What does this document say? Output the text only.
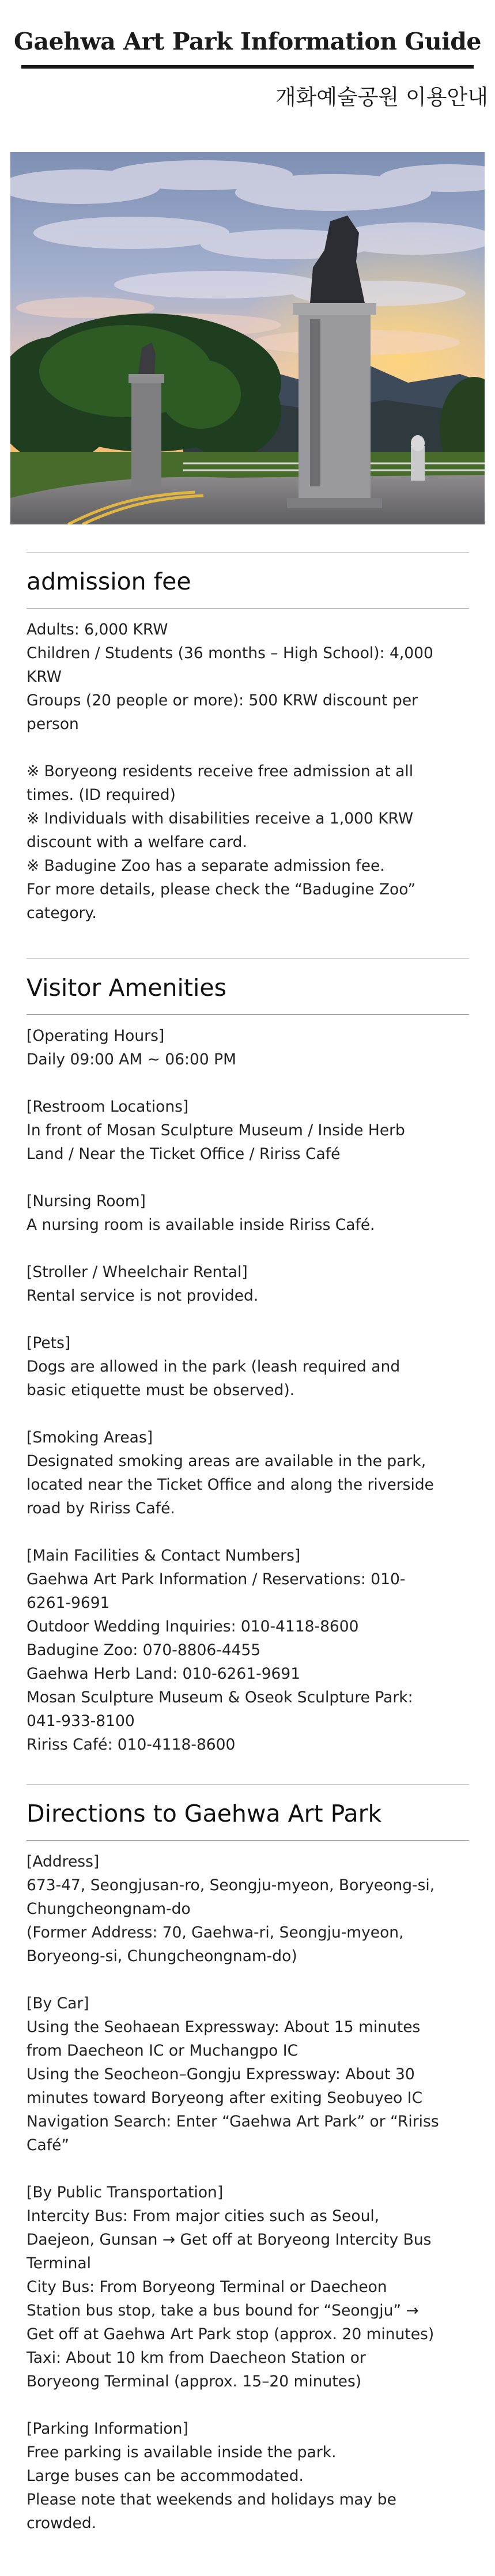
Gaehwa Art Park Information Guide
개화예술공원 이용안내
admission fee
Adults: 6,000 KRW
Children / Students (36 months – High School): 4,000
KRW
Groups (20 people or more): 500 KRW discount per
person
※ Boryeong residents receive free admission at all
times. (ID required)
※ Individuals with disabilities receive a 1,000 KRW
discount with a welfare card.
※ Badugine Zoo has a separate admission fee.
For more details, please check the “Badugine Zoo”
category.
Visitor Amenities
[Operating Hours]
Daily 09:00 AM ~ 06:00 PM
[Restroom Locations]
In front of Mosan Sculpture Museum / Inside Herb
Land / Near the Ticket Office / Ririss Café
[Nursing Room]
A nursing room is available inside Ririss Café.
[Stroller / Wheelchair Rental]
Rental service is not provided.
[Pets]
Dogs are allowed in the park (leash required and
basic etiquette must be observed).
[Smoking Areas]
Designated smoking areas are available in the park,
located near the Ticket Office and along the riverside
road by Ririss Café.
[Main Facilities & Contact Numbers]
Gaehwa Art Park Information / Reservations: 010-
6261-9691
Outdoor Wedding Inquiries: 010-4118-8600
Badugine Zoo: 070-8806-4455
Gaehwa Herb Land: 010-6261-9691
Mosan Sculpture Museum & Oseok Sculpture Park:
041-933-8100
Ririss Café: 010-4118-8600
Directions to Gaehwa Art Park
[Address]
673-47, Seongjusan-ro, Seongju-myeon, Boryeong-si,
Chungcheongnam-do
(Former Address: 70, Gaehwa-ri, Seongju-myeon,
Boryeong-si, Chungcheongnam-do)
[By Car]
Using the Seohaean Expressway: About 15 minutes
from Daecheon IC or Muchangpo IC
Using the Seocheon–Gongju Expressway: About 30
minutes toward Boryeong after exiting Seobuyeo IC
Navigation Search: Enter “Gaehwa Art Park” or “Ririss
Café”
[By Public Transportation]
Intercity Bus: From major cities such as Seoul,
Daejeon, Gunsan → Get off at Boryeong Intercity Bus
Terminal
City Bus: From Boryeong Terminal or Daecheon
Station bus stop, take a bus bound for “Seongju” →
Get off at Gaehwa Art Park stop (approx. 20 minutes)
Taxi: About 10 km from Daecheon Station or
Boryeong Terminal (approx. 15–20 minutes)
[Parking Information]
Free parking is available inside the park.
Large buses can be accommodated.
Please note that weekends and holidays may be
crowded.
